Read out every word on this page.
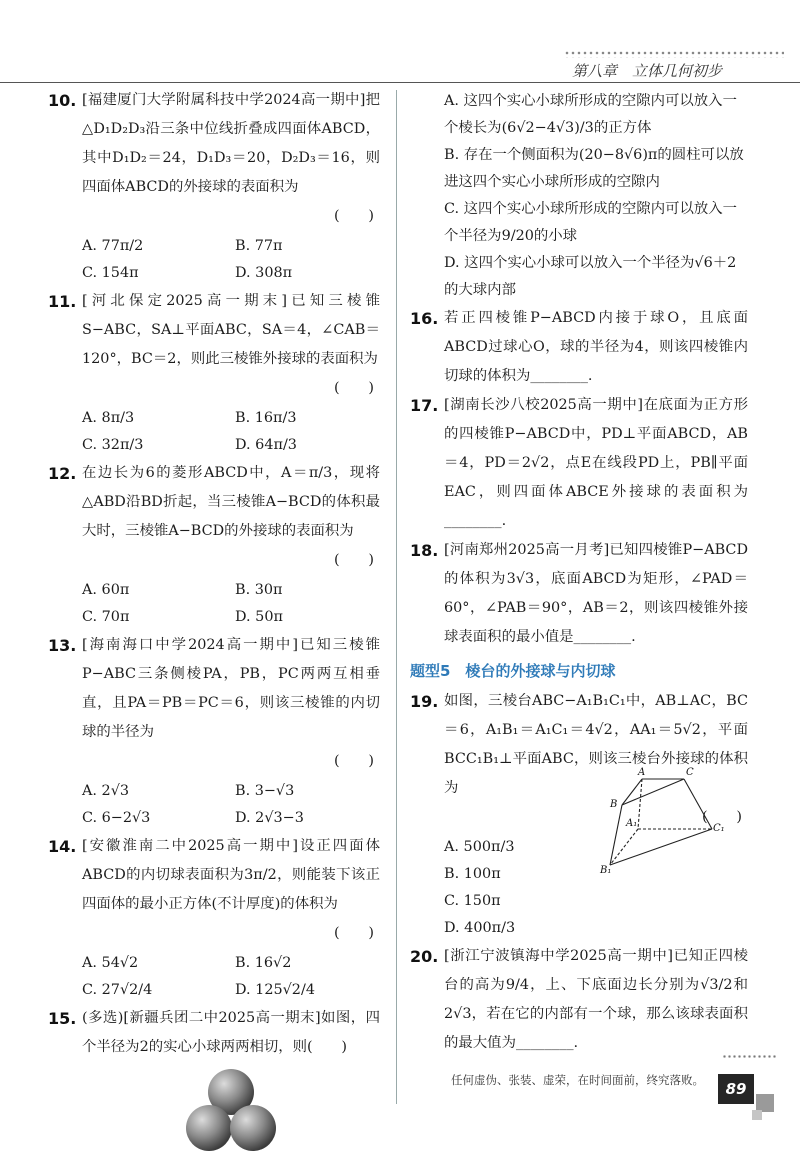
第八章　立体几何初步
10. [福建厦门大学附属科技中学2024高一期中]把△D₁D₂D₃沿三条中位线折叠成四面体ABCD，其中D₁D₂＝24，D₁D₃＝20，D₂D₃＝16，则四面体ABCD的外接球的表面积为
(　　)
A. 77π/2	B. 77π
C. 154π	D. 308π
11. [河北保定2025高一期末]已知三棱锥S−ABC，SA⊥平面ABC，SA＝4，∠CAB＝120°，BC＝2，则此三棱锥外接球的表面积为
(　　)
A. 8π/3	B. 16π/3
C. 32π/3	D. 64π/3
12. 在边长为6的菱形ABCD中，A＝π/3，现将△ABD沿BD折起，当三棱锥A−BCD的体积最大时，三棱锥A−BCD的外接球的表面积为
(　　)
A. 60π	B. 30π
C. 70π	D. 50π
13. [海南海口中学2024高一期中]已知三棱锥P−ABC三条侧棱PA，PB，PC两两互相垂直，且PA＝PB＝PC＝6，则该三棱锥的内切球的半径为
(　　)
A. 2√3	B. 3−√3
C. 6−2√3	D. 2√3−3
14. [安徽淮南二中2025高一期中]设正四面体ABCD的内切球表面积为3π/2，则能装下该正四面体的最小正方体(不计厚度)的体积为
(　　)
A. 54√2	B. 16√2
C. 27√2/4	D. 125√2/4
15. (多选)[新疆兵团二中2025高一期末]如图，四个半径为2的实心小球两两相切，则(　　)
A. 这四个实心小球所形成的空隙内可以放入一个棱长为(6√2−4√3)/3的正方体
B. 存在一个侧面积为(20−8√6)π的圆柱可以放进这四个实心小球所形成的空隙内
C. 这四个实心小球所形成的空隙内可以放入一个半径为9/20的小球
D. 这四个实心小球可以放入一个半径为√6＋2的大球内部
16. 若正四棱锥P−ABCD内接于球O，且底面ABCD过球心O，球的半径为4，则该四棱锥内切球的体积为________.
17. [湖南长沙八校2025高一期中]在底面为正方形的四棱锥P−ABCD中，PD⊥平面ABCD，AB＝4，PD＝2√2，点E在线段PD上，PB∥平面EAC，则四面体ABCE外接球的表面积为________.
18. [河南郑州2025高一月考]已知四棱锥P−ABCD的体积为3√3，底面ABCD为矩形，∠PAD＝60°，∠PAB＝90°，AB＝2，则该四棱锥外接球表面积的最小值是________.
题型5　棱台的外接球与内切球
19. 如图，三棱台ABC−A₁B₁C₁中，AB⊥AC，BC＝6，A₁B₁＝A₁C₁＝4√2，AA₁＝5√2，平面BCC₁B₁⊥平面ABC，则该三棱台外接球的体积为
(　　)
A. 500π/3
B. 100π
C. 150π
D. 400π/3
A	C
B
A₁	C₁
B₁
20. [浙江宁波镇海中学2025高一期中]已知正四棱台的高为9/4，上、下底面边长分别为√3/2和2√3，若在它的内部有一个球，那么该球表面积的最大值为________.
任何虚伪、张装、虚荣，在时间面前，终究落败。	89
